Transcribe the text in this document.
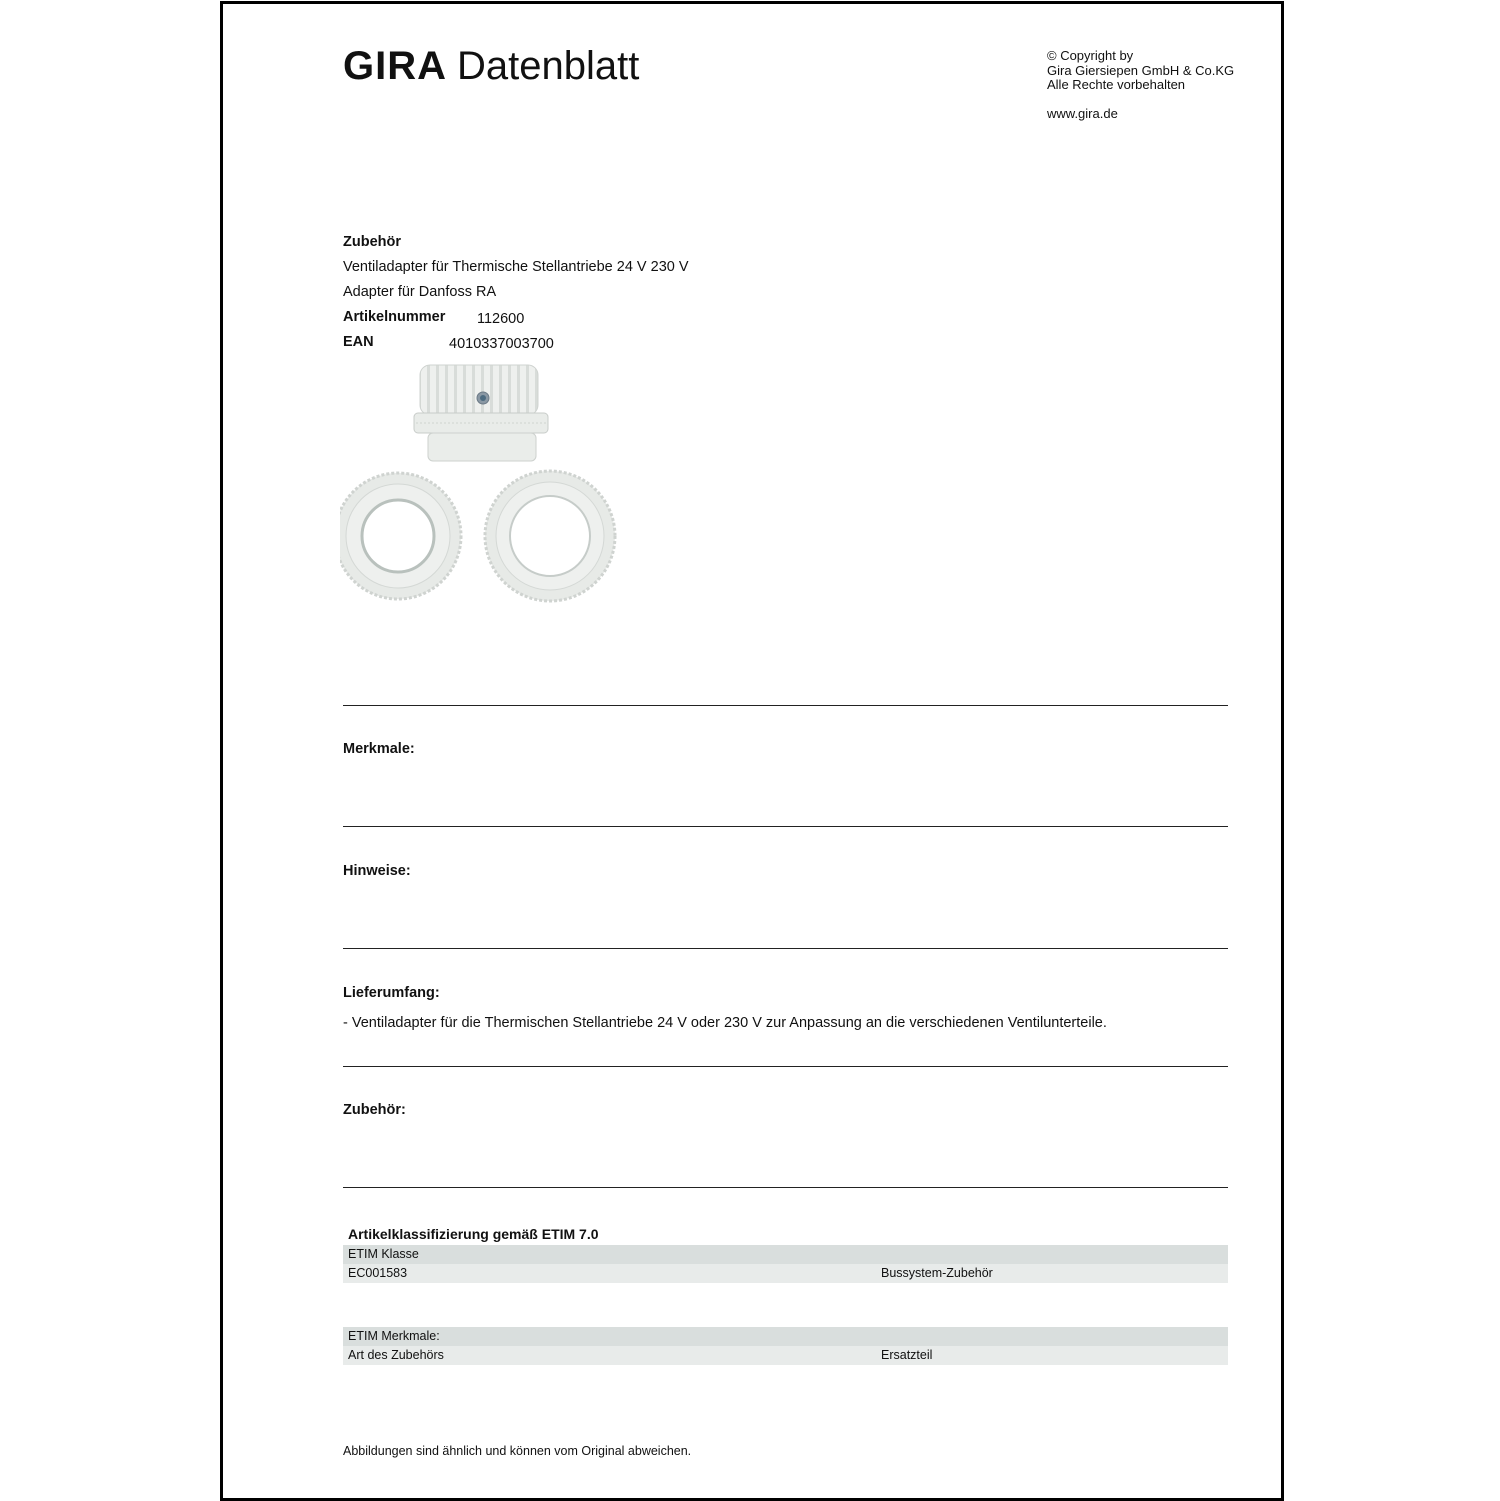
GIRA Datenblatt	© Copyright by
Gira Giersiepen GmbH & Co.KG
Alle Rechte vorbehalten
www.gira.de
Zubehör
Ventiladapter für Thermische Stellantriebe 24 V 230 V
Adapter für Danfoss RA
Artikelnummer 112600
EAN	4010337003700
Merkmale:
Hinweise:
Lieferumfang:
- Ventiladapter für die Thermischen Stellantriebe 24 V oder 230 V zur Anpassung an die verschiedenen Ventilunterteile.
Zubehör:
Artikelklassifizierung gemäß ETIM 7.0
ETIM Klasse
EC001583	Bussystem-Zubehör
ETIM Merkmale:
Art des Zubehörs	Ersatzteil
Abbildungen sind ähnlich und können vom Original abweichen.
